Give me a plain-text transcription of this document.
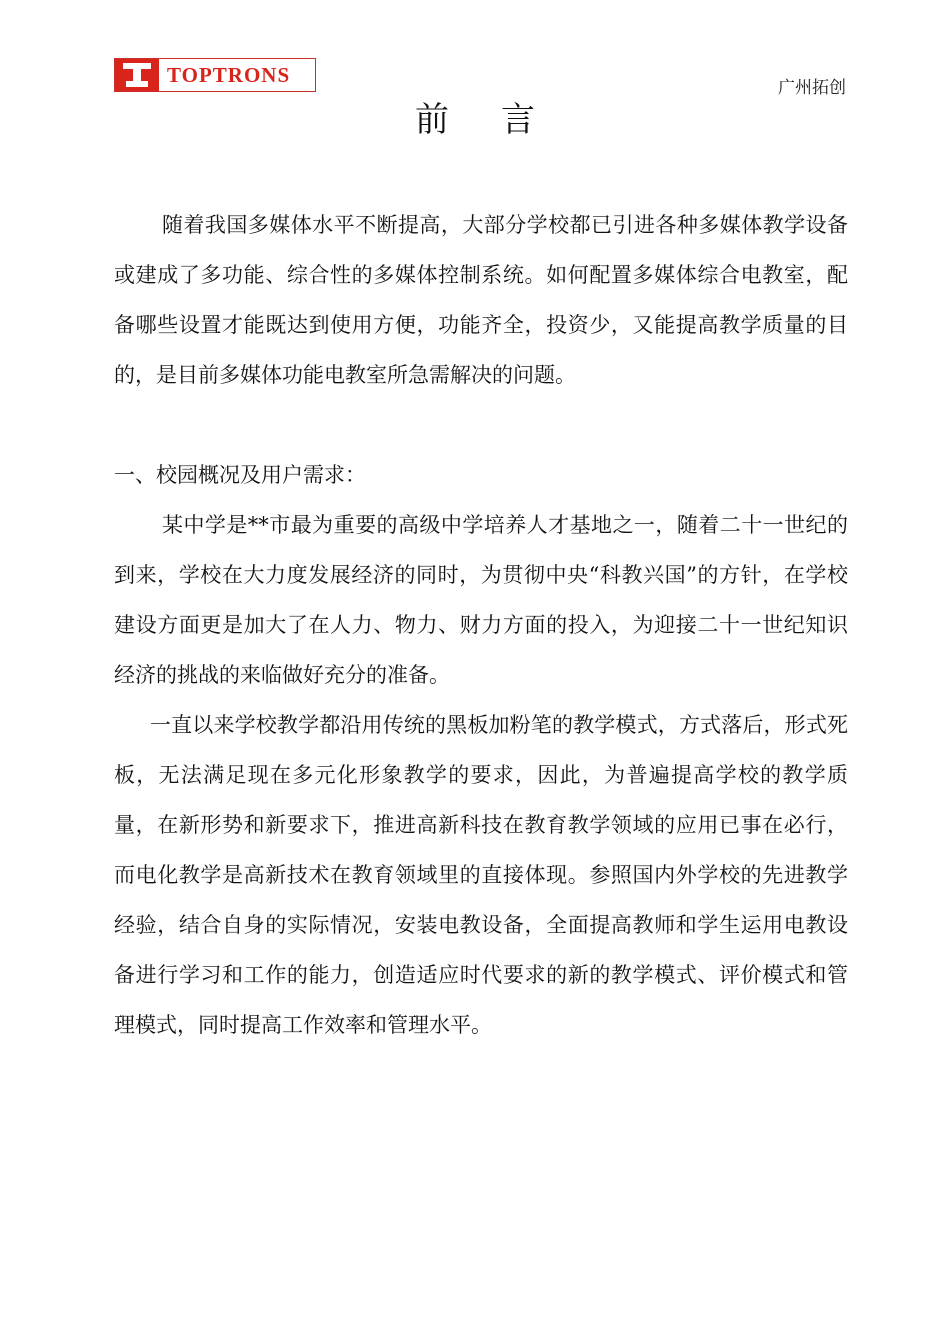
TOPTRONS
广州拓创
前言

随着我国多媒体水平不断提高，大部分学校都已引进各种多媒体教学设备或建成了多功能、综合性的多媒体控制系统。如何配置多媒体综合电教室，配备哪些设置才能既达到使用方便，功能齐全，投资少，又能提高教学质量的目的，是目前多媒体功能电教室所急需解决的问题。

一、校园概况及用户需求：

某中学是**市最为重要的高级中学培养人才基地之一，随着二十一世纪的到来，学校在大力度发展经济的同时，为贯彻中央“科教兴国”的方针，在学校建设方面更是加大了在人力、物力、财力方面的投入，为迎接二十一世纪知识经济的挑战的来临做好充分的准备。

一直以来学校教学都沿用传统的黑板加粉笔的教学模式，方式落后，形式死板，无法满足现在多元化形象教学的要求，因此，为普遍提高学校的教学质量，在新形势和新要求下，推进高新科技在教育教学领域的应用已事在必行，而电化教学是高新技术在教育领域里的直接体现。参照国内外学校的先进教学经验，结合自身的实际情况，安装电教设备，全面提高教师和学生运用电教设备进行学习和工作的能力，创造适应时代要求的新的教学模式、评价模式和管理模式，同时提高工作效率和管理水平。
